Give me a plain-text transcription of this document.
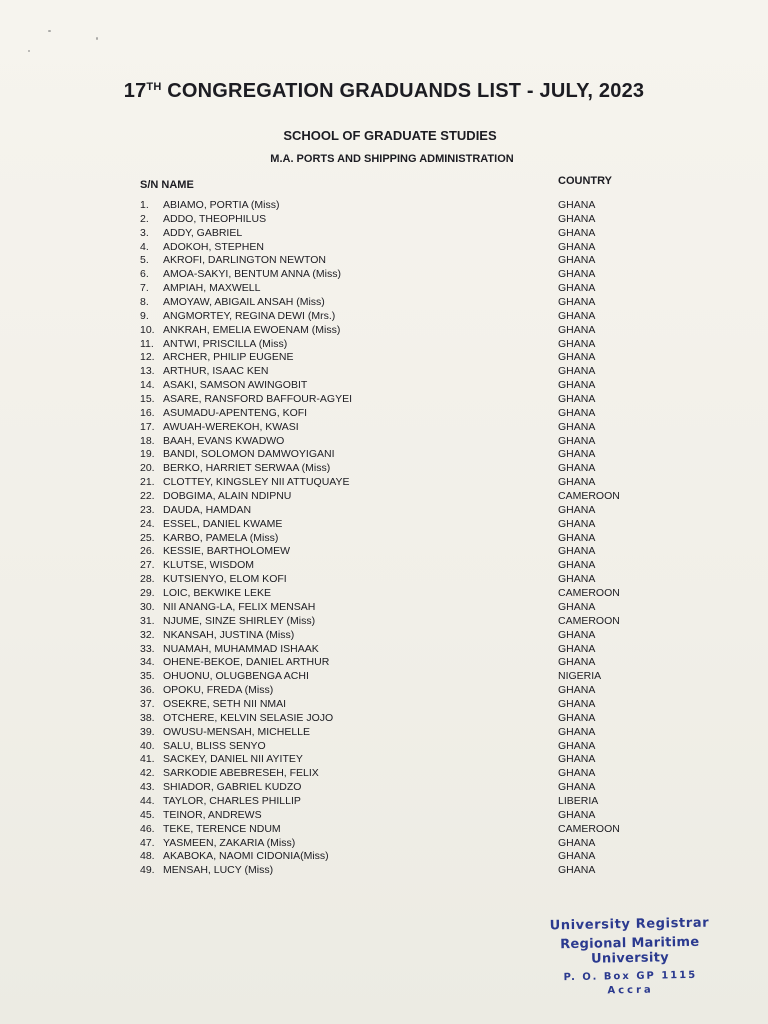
17TH CONGREGATION GRADUANDS LIST - JULY, 2023
SCHOOL OF GRADUATE STUDIES
M.A. PORTS AND SHIPPING ADMINISTRATION
S/N NAME	COUNTRY
1.	ABIAMO, PORTIA (Miss)	GHANA
2.	ADDO, THEOPHILUS	GHANA
3.	ADDY, GABRIEL	GHANA
4.	ADOKOH, STEPHEN	GHANA
5.	AKROFI, DARLINGTON NEWTON	GHANA
6.	AMOA-SAKYI, BENTUM ANNA (Miss)	GHANA
7.	AMPIAH, MAXWELL	GHANA
8.	AMOYAW, ABIGAIL ANSAH (Miss)	GHANA
9.	ANGMORTEY, REGINA DEWI (Mrs.)	GHANA
10. ANKRAH, EMELIA EWOENAM (Miss)	GHANA
11. ANTWI, PRISCILLA (Miss)	GHANA
12. ARCHER, PHILIP EUGENE	GHANA
13. ARTHUR, ISAAC KEN	GHANA
14. ASAKI, SAMSON AWINGOBIT	GHANA
15. ASARE, RANSFORD BAFFOUR-AGYEI	GHANA
16. ASUMADU-APENTENG, KOFI	GHANA
17. AWUAH-WEREKOH, KWASI	GHANA
18. BAAH, EVANS KWADWO	GHANA
19. BANDI, SOLOMON DAMWOYIGANI	GHANA
20. BERKO, HARRIET SERWAA (Miss)	GHANA
21. CLOTTEY, KINGSLEY NII ATTUQUAYE	GHANA
22. DOBGIMA, ALAIN NDIPNU	CAMEROON
23. DAUDA, HAMDAN	GHANA
24. ESSEL, DANIEL KWAME	GHANA
25. KARBO, PAMELA (Miss)	GHANA
26. KESSIE, BARTHOLOMEW	GHANA
27. KLUTSE, WISDOM	GHANA
28. KUTSIENYO, ELOM KOFI	GHANA
29. LOIC, BEKWIKE LEKE	CAMEROON
30. NII ANANG-LA, FELIX MENSAH	GHANA
31. NJUME, SINZE SHIRLEY (Miss)	CAMEROON
32. NKANSAH, JUSTINA (Miss)	GHANA
33. NUAMAH, MUHAMMAD ISHAAK	GHANA
34. OHENE-BEKOE, DANIEL ARTHUR	GHANA
35. OHUONU, OLUGBENGA ACHI	NIGERIA
36. OPOKU, FREDA (Miss)	GHANA
37. OSEKRE, SETH NII NMAI	GHANA
38. OTCHERE, KELVIN SELASIE JOJO	GHANA
39. OWUSU-MENSAH, MICHELLE	GHANA
40. SALU, BLISS SENYO	GHANA
41. SACKEY, DANIEL NII AYITEY	GHANA
42. SARKODIE ABEBRESEH, FELIX	GHANA
43. SHIADOR, GABRIEL KUDZO	GHANA
44. TAYLOR, CHARLES PHILLIP	LIBERIA
45. TEINOR, ANDREWS	GHANA
46. TEKE, TERENCE NDUM	CAMEROON
47. YASMEEN, ZAKARIA (Miss)	GHANA
48. AKABOKA, NAOMI CIDONIA(Miss)	GHANA
49. MENSAH, LUCY (Miss)	GHANA
University Registrar
Regional Maritime University
P. O. Box GP 1115
Accra
